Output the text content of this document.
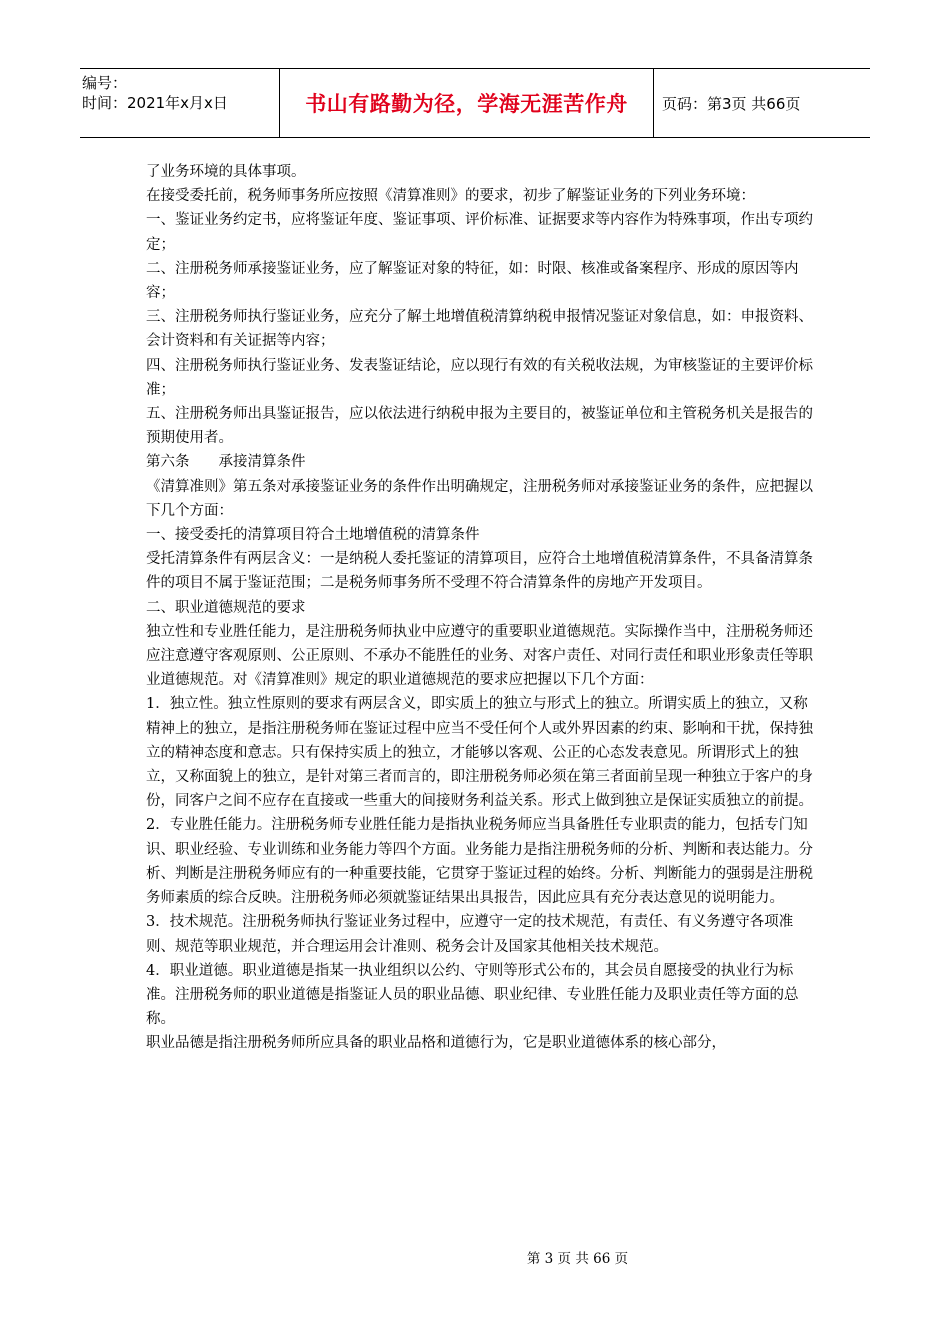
编号：
时间：2021年x月x日	书山有路勤为径，学海无涯苦作舟	页码：第3页 共66页

了业务环境的具体事项。

在接受委托前，税务师事务所应按照《清算准则》的要求，初步了解鉴证业务的下列业务环境：

一、鉴证业务约定书，应将鉴证年度、鉴证事项、评价标准、证据要求等内容作为特殊事项，作出专项约定；

二、注册税务师承接鉴证业务，应了解鉴证对象的特征，如：时限、核准或备案程序、形成的原因等内容；

三、注册税务师执行鉴证业务，应充分了解土地增值税清算纳税申报情况鉴证对象信息，如：申报资料、会计资料和有关证据等内容；

四、注册税务师执行鉴证业务、发表鉴证结论，应以现行有效的有关税收法规，为审核鉴证的主要评价标准；

五、注册税务师出具鉴证报告，应以依法进行纳税申报为主要目的，被鉴证单位和主管税务机关是报告的预期使用者。

第六条　　承接清算条件

《清算准则》第五条对承接鉴证业务的条件作出明确规定，注册税务师对承接鉴证业务的条件，应把握以下几个方面：

一、接受委托的清算项目符合土地增值税的清算条件

受托清算条件有两层含义：一是纳税人委托鉴证的清算项目，应符合土地增值税清算条件，不具备清算条件的项目不属于鉴证范围；二是税务师事务所不受理不符合清算条件的房地产开发项目。

二、职业道德规范的要求

独立性和专业胜任能力，是注册税务师执业中应遵守的重要职业道德规范。实际操作当中，注册税务师还应注意遵守客观原则、公正原则、不承办不能胜任的业务、对客户责任、对同行责任和职业形象责任等职业道德规范。对《清算准则》规定的职业道德规范的要求应把握以下几个方面：

1．独立性。独立性原则的要求有两层含义，即实质上的独立与形式上的独立。所谓实质上的独立，又称精神上的独立，是指注册税务师在鉴证过程中应当不受任何个人或外界因素的约束、影响和干扰，保持独立的精神态度和意志。只有保持实质上的独立，才能够以客观、公正的心态发表意见。所谓形式上的独立，又称面貌上的独立，是针对第三者而言的，即注册税务师必须在第三者面前呈现一种独立于客户的身份，同客户之间不应存在直接或一些重大的间接财务利益关系。形式上做到独立是保证实质独立的前提。

2．专业胜任能力。注册税务师专业胜任能力是指执业税务师应当具备胜任专业职责的能力，包括专门知识、职业经验、专业训练和业务能力等四个方面。业务能力是指注册税务师的分析、判断和表达能力。分析、判断是注册税务师应有的一种重要技能，它贯穿于鉴证过程的始终。分析、判断能力的强弱是注册税务师素质的综合反映。注册税务师必须就鉴证结果出具报告，因此应具有充分表达意见的说明能力。

3．技术规范。注册税务师执行鉴证业务过程中，应遵守一定的技术规范，有责任、有义务遵守各项准则、规范等职业规范，并合理运用会计准则、税务会计及国家其他相关技术规范。

4．职业道德。职业道德是指某一执业组织以公约、守则等形式公布的，其会员自愿接受的执业行为标准。注册税务师的职业道德是指鉴证人员的职业品德、职业纪律、专业胜任能力及职业责任等方面的总称。

职业品德是指注册税务师所应具备的职业品格和道德行为，它是职业道德体系的核心部分，

第 3 页 共 66 页
